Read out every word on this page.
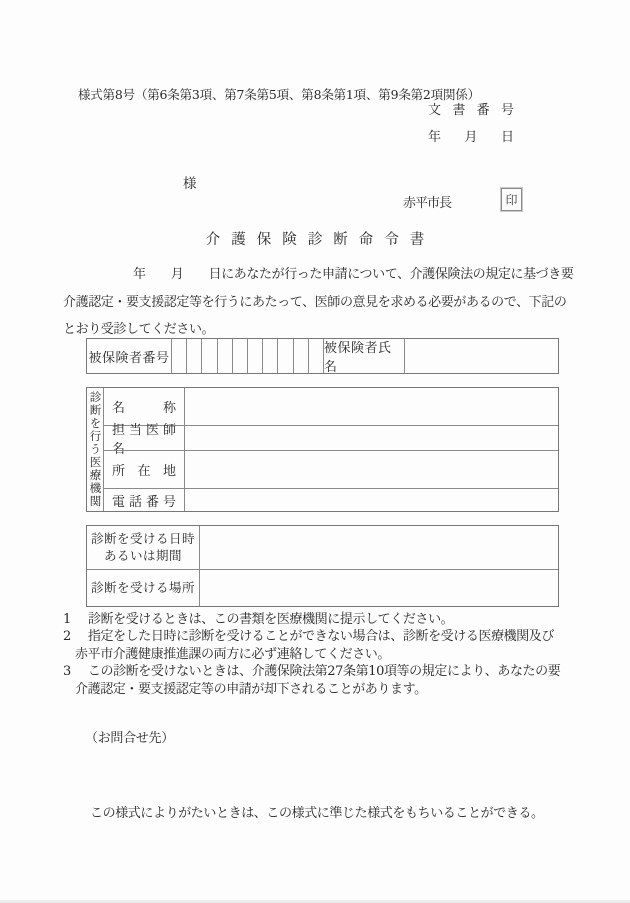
様式第8号（第6条第3項、第7条第5項、第8条第1項、第9条第2項関係）
文書番号
年 月 日
様
赤平市長	印
介護保険診断命令書
年　　月　　日にあなたが行った申請について、介護保険法の規定に基づき要
介護認定・要支援認定等を行うにあたって、医師の意見を求める必要があるので、下記の
とおり受診してください。
被保険者番号
被保険者氏名
診断を行う医療機関 名称
担当医師名
所在地
電話番号
診断を受ける日時
あるいは期間
診断を受ける場所

1 診断を受けるときは、この書類を医療機関に提示してください。

2 指定をした日時に診断を受けることができない場合は、診断を受ける医療機関及び赤平市介護健康推進課の両方に必ず連絡してください。

3 この診断を受けないときは、介護保険法第27条第10項等の規定により、あなたの要介護認定・要支援認定等の申請が却下されることがあります。

（お問合せ先）
この様式によりがたいときは、この様式に準じた様式をもちいることができる。
